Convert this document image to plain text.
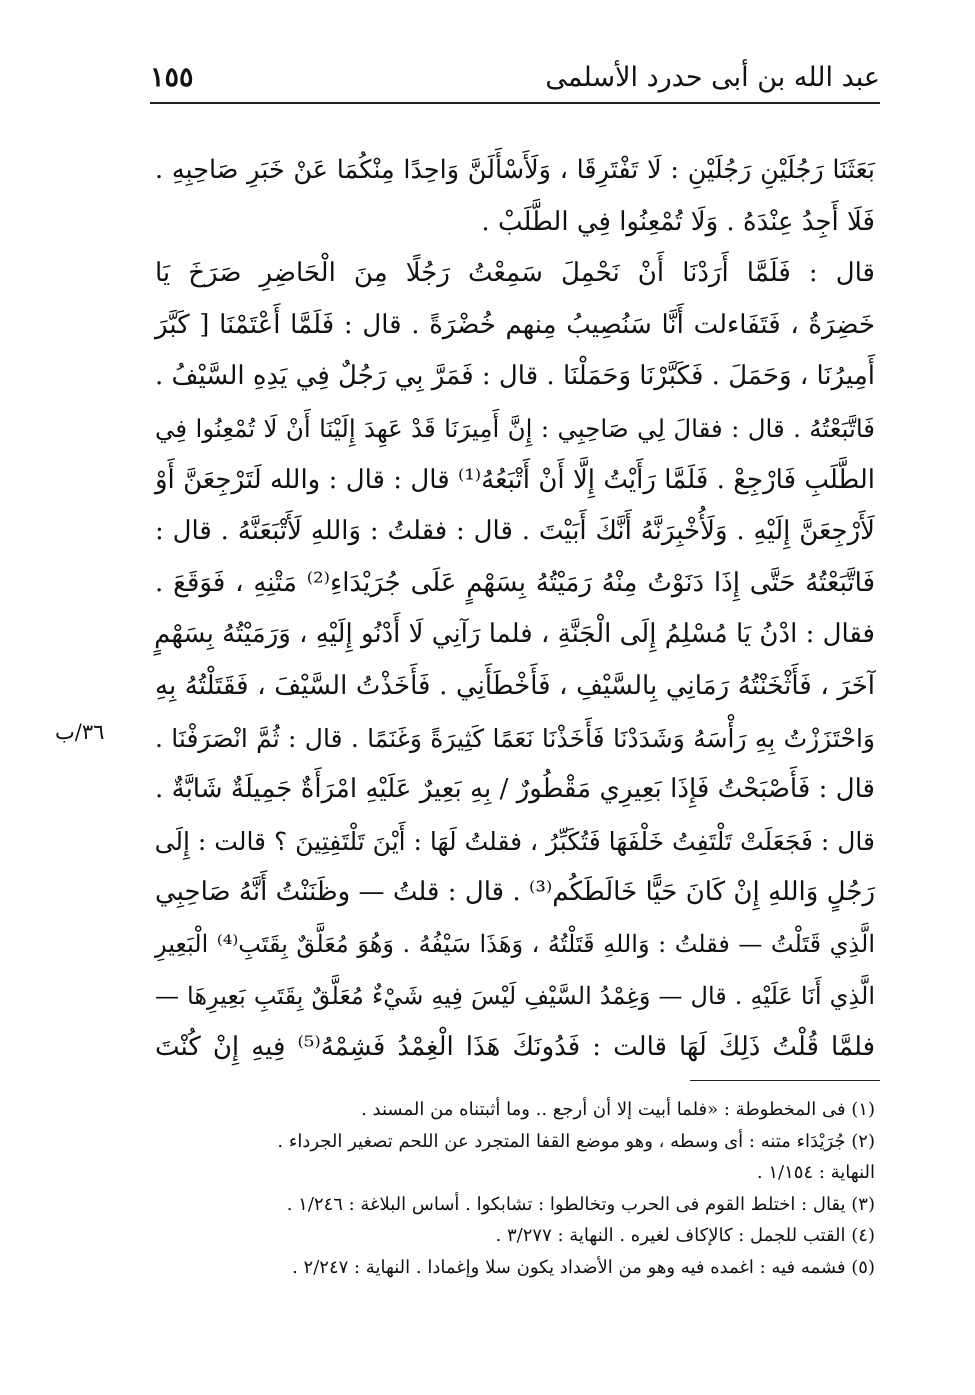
عبد الله بن أبى حدرد الأسلمى
١٥٥
بَعَثَنَا رَجُلَيْنِ رَجُلَيْنِ : لَا تَفْتَرِقَا ، وَلَأَسْأَلَنَّ وَاحِدًا مِنْكُمَا عَنْ خَبَرِ صَاحِبِهِ .
فَلَا أَجِدُ عِنْدَهُ . وَلَا تُمْعِنُوا فِي الطَّلَبْ .
قال : فَلَمَّا أَرَدْنَا أَنْ نَحْمِلَ سَمِعْتُ رَجُلًا مِنَ الْحَاضِرِ صَرَخَ يَا
خَضِرَةُ ، فَتَفَاءلت أَنَّا سَنُصِيبُ مِنهم خُضْرَةً . قال : فَلَمَّا أَعْتَمْنَا [ كَبَّرَ
أَمِيرُنَا ، وَحَمَلَ . فَكَبَّرْنَا وَحَمَلْنَا . قال : فَمَرَّ بِي رَجُلٌ فِي يَدِهِ السَّيْفُ .
فَاتَّبَعْتُهُ . قال : فقالَ لِي صَاحِبِي : إِنَّ أَمِيرَنَا قَدْ عَهِدَ إِلَيْنَا أَنْ لَا تُمْعِنُوا فِي
الطَّلَبِ فَارْجِعْ . فَلَمَّا رَأَيْتُ إِلَّا أَنْ أَتْبَعُهُ⁽¹⁾ قال : قال : والله لَتَرْجِعَنَّ أَوْ
لَأَرْجِعَنَّ إِلَيْهِ . وَلَأُخْبِرَنَّهُ أَنَّكَ أَبَيْتَ . قال : فقلتُ : وَاللهِ لَأَتْبَعَنَّهُ . قال :
فَاتَّبَعْتُهُ حَتَّى إِذَا دَنَوْتُ مِنْهُ رَمَيْتُهُ بِسَهْمٍ عَلَى جُرَيْدَاءِ⁽²⁾ مَتْنِهِ ، فَوَقَعَ .
فقال : ادْنُ يَا مُسْلِمُ إِلَى الْجَنَّةِ ، فلما رَآنِي لَا أَدْنُو إِلَيْهِ ، وَرَمَيْتُهُ بِسَهْمٍ
آخَرَ ، فَأَثْخَنْتُهُ رَمَانِي بِالسَّيْفِ ، فَأَخْطَأَنِي . فَأَخَذْتُ السَّيْفَ ، فَقَتَلْتُهُ بِهِ
وَاحْتَزَزْتُ بِهِ رَأْسَهُ وَشَدَدْنَا فَأَخَذْنَا نَعَمًا كَثِيرَةً وَغَنَمًا . قال : ثُمَّ انْصَرَفْنَا .
قال : فَأَصْبَحْتُ فَإِذَا بَعِيرِي مَقْطُورٌ / بِهِ بَعِيرٌ عَلَيْهِ امْرَأَةٌ جَمِيلَةٌ شَابَّةٌ .
قال : فَجَعَلَتْ تَلْتَفِتُ خَلْفَهَا فَتُكَبِّرُ ، فقلتُ لَهَا : أَيْنَ تَلْتَفِتِينَ ؟ قالت : إِلَى
رَجُلٍ وَاللهِ إِنْ كَانَ حَيًّا خَالَطَكُم⁽³⁾ . قال : قلتُ — وظَنَنْتُ أَنَّهُ صَاحِبِي
الَّذِي قَتَلْتُ — فقلتُ : وَاللهِ قَتَلْتُهُ ، وَهَذَا سَيْفُهُ . وَهُوَ مُعَلَّقٌ بِقَتَبِ⁽⁴⁾ الْبَعِيرِ
الَّذِي أَنَا عَلَيْهِ . قال — وَغِمْدُ السَّيْفِ لَيْسَ فِيهِ شَيْءٌ مُعَلَّقٌ بِقَتَبِ بَعِيرِهَا —
فلمَّا قُلْتُ ذَلِكَ لَهَا قالت : فَدُونَكَ هَذَا الْغِمْدُ فَشِمْهُ⁽⁵⁾ فِيهِ إِنْ كُنْتَ
٣٦/ب
(١) فى المخطوطة : «فلما أبيت إلا أن أرجع .. وما أثبتناه من المسند .
(٢) جُرَيْدَاء متنه : أى وسطه ، وهو موضع القفا المتجرد عن اللحم تصغير الجرداء .
النهاية : ١/١٥٤ .
(٣) يقال : اختلط القوم فى الحرب وتخالطوا : تشابكوا . أساس البلاغة : ١/٢٤٦ .
(٤) القتب للجمل : كالإكاف لغيره . النهاية : ٣/٢٧٧ .
(٥) فشمه فيه : اغمده فيه وهو من الأضداد يكون سلا وإغمادا . النهاية : ٢/٢٤٧ .
